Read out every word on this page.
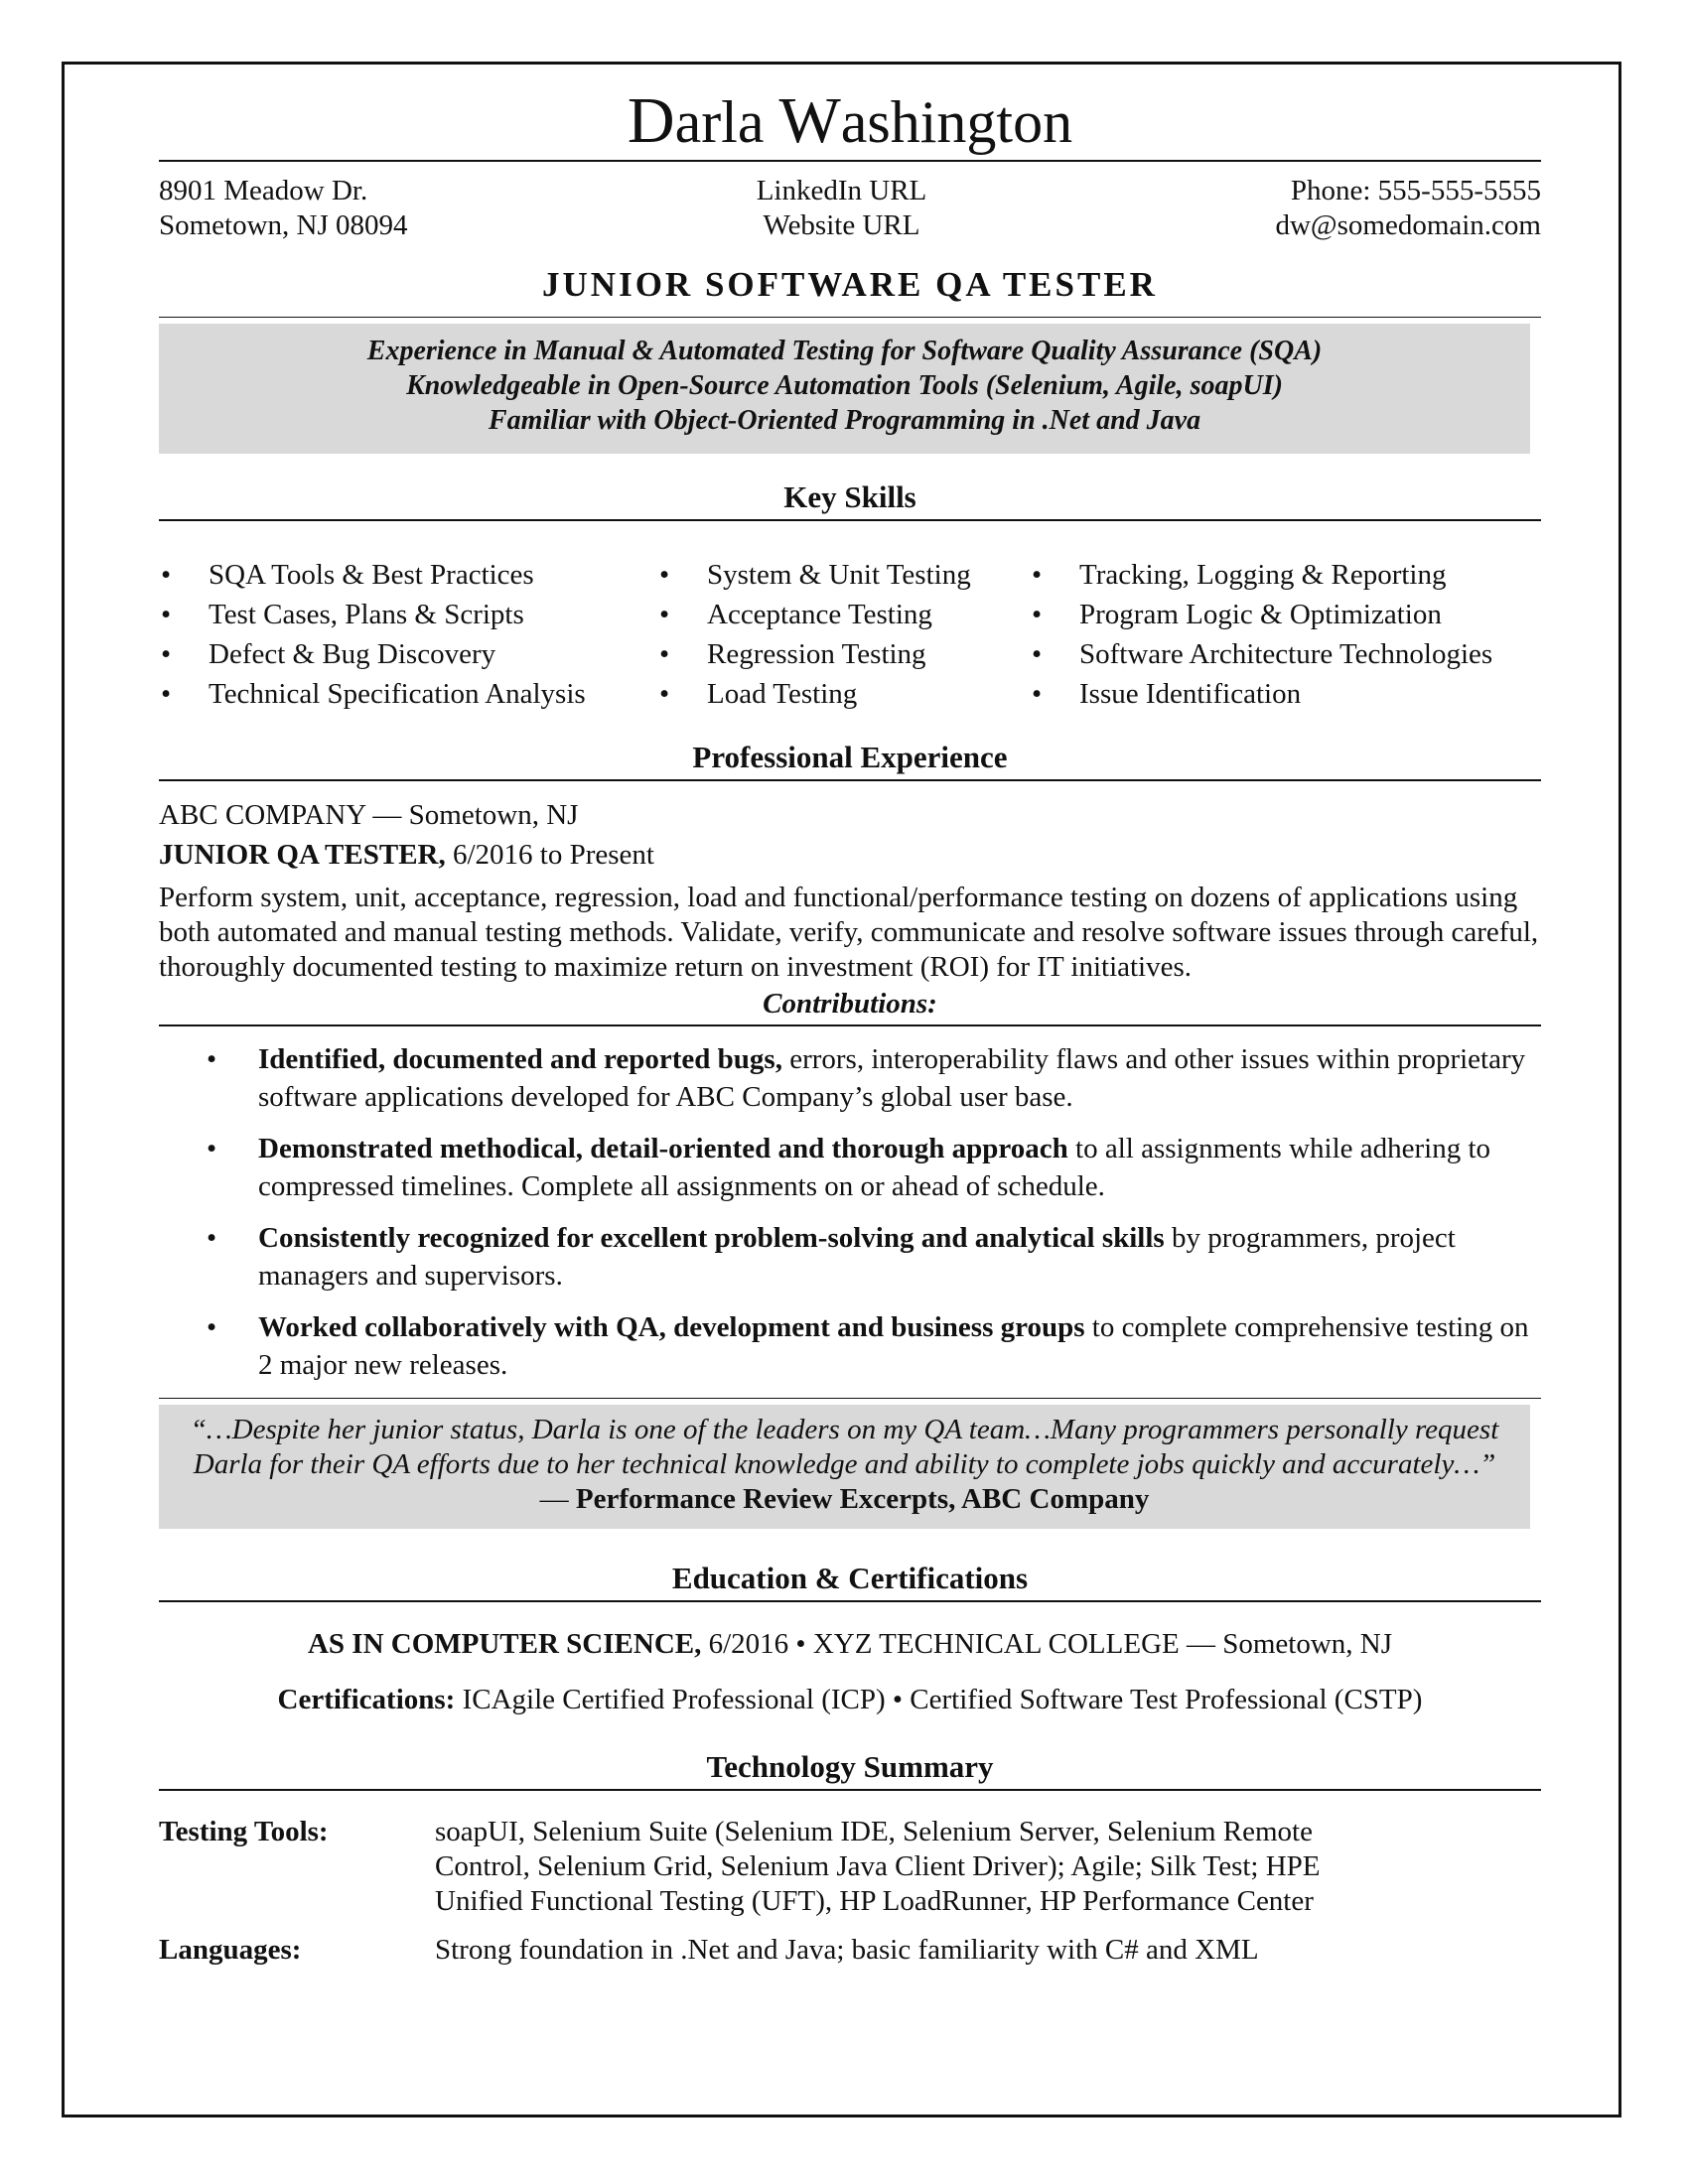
Darla Washington
8901 Meadow Dr.
Sometown, NJ 08094
LinkedIn URL
Website URL
Phone: 555-555-5555
dw@somedomain.com
JUNIOR SOFTWARE QA TESTER
Experience in Manual & Automated Testing for Software Quality Assurance (SQA)
Knowledgeable in Open-Source Automation Tools (Selenium, Agile, soapUI)
Familiar with Object-Oriented Programming in .Net and Java
Key Skills
• SQA Tools & Best Practices
• Test Cases, Plans & Scripts
• Defect & Bug Discovery
• Technical Specification Analysis
• System & Unit Testing
• Acceptance Testing
• Regression Testing
• Load Testing
• Tracking, Logging & Reporting
• Program Logic & Optimization
• Software Architecture Technologies
• Issue Identification
Professional Experience
ABC COMPANY — Sometown, NJ
JUNIOR QA TESTER, 6/2016 to Present
Perform system, unit, acceptance, regression, load and functional/performance testing on dozens of applications using both automated and manual testing methods. Validate, verify, communicate and resolve software issues through careful, thoroughly documented testing to maximize return on investment (ROI) for IT initiatives.
Contributions:
• Identified, documented and reported bugs, errors, interoperability flaws and other issues within proprietary software applications developed for ABC Company’s global user base.
• Demonstrated methodical, detail-oriented and thorough approach to all assignments while adhering to compressed timelines. Complete all assignments on or ahead of schedule.
• Consistently recognized for excellent problem-solving and analytical skills by programmers, project managers and supervisors.
• Worked collaboratively with QA, development and business groups to complete comprehensive testing on 2 major new releases.
“…Despite her junior status, Darla is one of the leaders on my QA team…Many programmers personally request Darla for their QA efforts due to her technical knowledge and ability to complete jobs quickly and accurately…” — Performance Review Excerpts, ABC Company
Education & Certifications
AS IN COMPUTER SCIENCE, 6/2016 • XYZ TECHNICAL COLLEGE — Sometown, NJ
Certifications: ICAgile Certified Professional (ICP) • Certified Software Test Professional (CSTP)
Technology Summary
Testing Tools:	soapUI, Selenium Suite (Selenium IDE, Selenium Server, Selenium Remote Control, Selenium Grid, Selenium Java Client Driver); Agile; Silk Test; HPE Unified Functional Testing (UFT), HP LoadRunner, HP Performance Center
Languages:	Strong foundation in .Net and Java; basic familiarity with C# and XML
